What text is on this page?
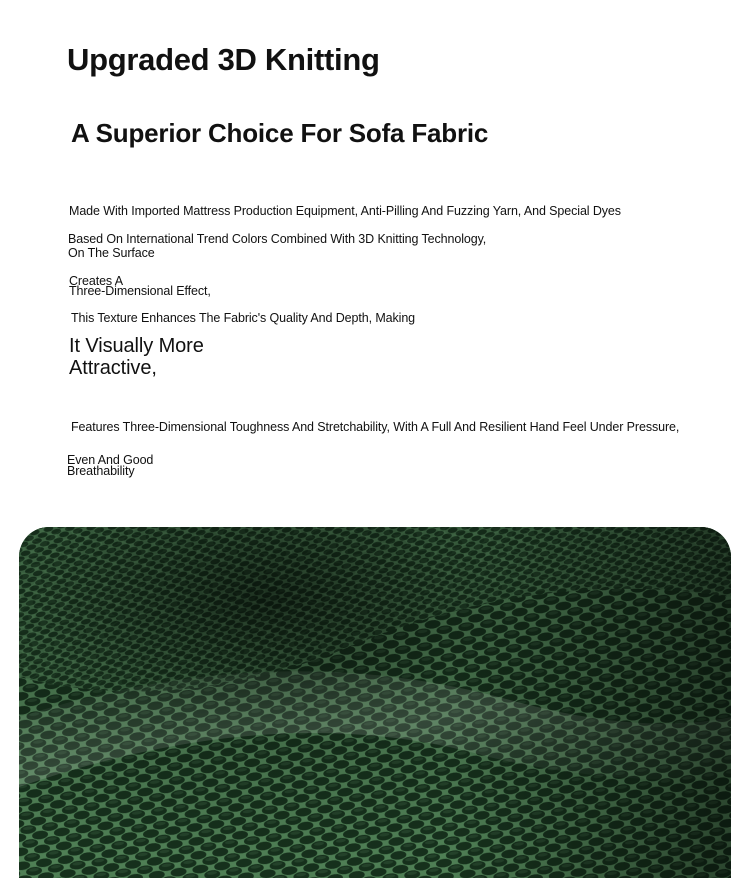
Upgraded 3D Knitting
A Superior Choice For Sofa Fabric

Made With Imported Mattress Production Equipment, Anti-Pilling And Fuzzing Yarn, And Special Dyes

Based On International Trend Colors Combined With 3D Knitting Technology,

On The Surface

Creates A

Three-Dimensional Effect,

This Texture Enhances The Fabric's Quality And Depth, Making

It Visually More

Attractive,

Features Three-Dimensional Toughness And Stretchability, With A Full And Resilient Hand Feel Under Pressure,

Even And Good

Breathability
